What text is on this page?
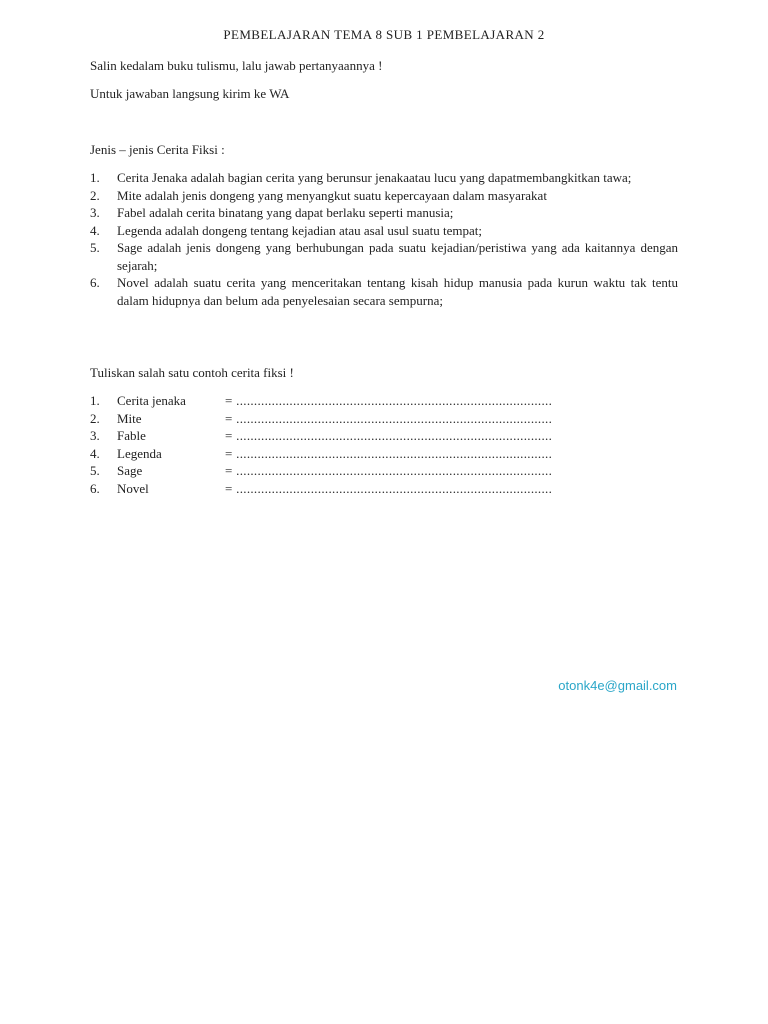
PEMBELAJARAN TEMA 8 SUB 1 PEMBELAJARAN 2
Salin kedalam buku tulismu, lalu jawab pertanyaannya !
Untuk jawaban langsung kirim ke WA
Jenis – jenis Cerita Fiksi :
1. Cerita Jenaka adalah bagian cerita yang berunsur jenakaatau lucu yang dapatmembangkitkan tawa;
2. Mite adalah jenis dongeng yang menyangkut suatu kepercayaan dalam masyarakat
3. Fabel adalah cerita binatang yang dapat berlaku seperti manusia;
4. Legenda adalah dongeng tentang kejadian atau asal usul suatu tempat;
5. Sage adalah jenis dongeng yang berhubungan pada suatu kejadian/peristiwa yang ada kaitannya dengan sejarah;
6. Novel adalah suatu cerita yang menceritakan tentang kisah hidup manusia pada kurun waktu tak tentu dalam hidupnya dan belum ada penyelesaian secara sempurna;
Tuliskan salah satu contoh cerita fiksi !
1. Cerita jenaka	= .........................................................................................
2. Mite	= .........................................................................................
3. Fable	= .........................................................................................
4. Legenda	= .........................................................................................
5. Sage	= .........................................................................................
6. Novel	= .........................................................................................
otonk4e@gmail.com
